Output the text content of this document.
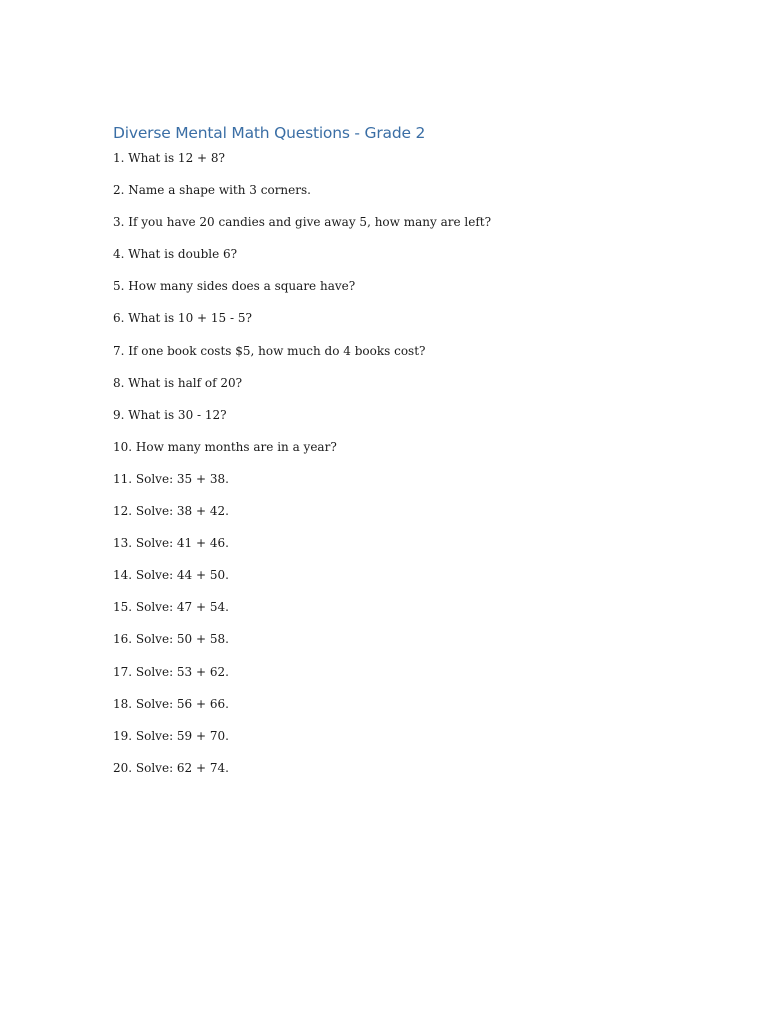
Diverse Mental Math Questions - Grade 2
1. What is 12 + 8?
2. Name a shape with 3 corners.
3. If you have 20 candies and give away 5, how many are left?
4. What is double 6?
5. How many sides does a square have?
6. What is 10 + 15 - 5?
7. If one book costs $5, how much do 4 books cost?
8. What is half of 20?
9. What is 30 - 12?
10. How many months are in a year?
11. Solve: 35 + 38.
12. Solve: 38 + 42.
13. Solve: 41 + 46.
14. Solve: 44 + 50.
15. Solve: 47 + 54.
16. Solve: 50 + 58.
17. Solve: 53 + 62.
18. Solve: 56 + 66.
19. Solve: 59 + 70.
20. Solve: 62 + 74.
